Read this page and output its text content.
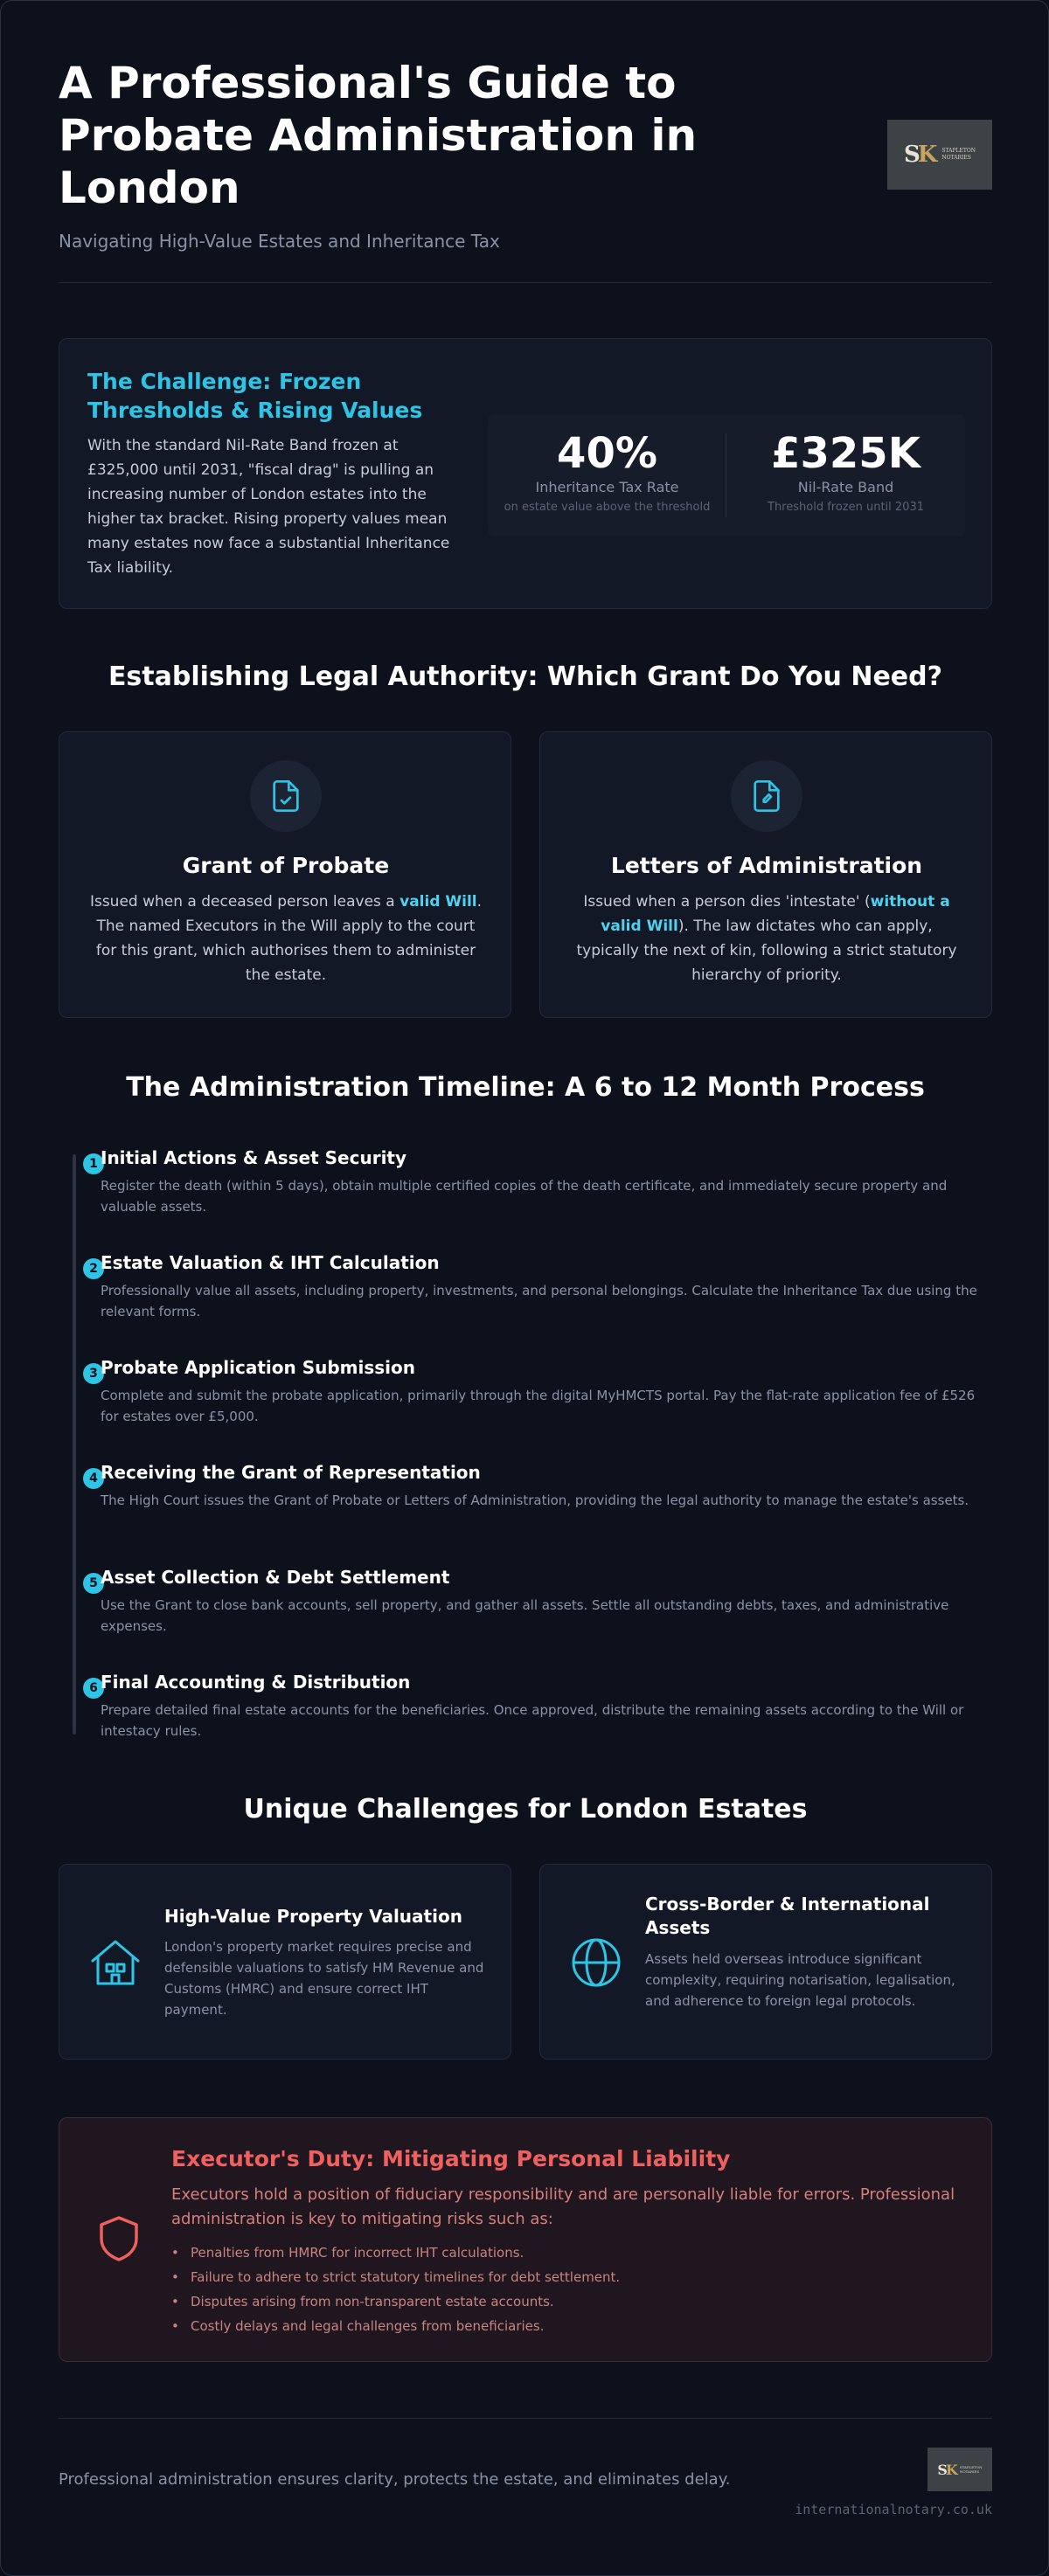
A Professional's Guide to Probate Administration in London
Navigating High-Value Estates and Inheritance Tax
SK STAPLETON
NOTARIES
The Challenge: Frozen Thresholds & Rising Values

With the standard Nil-Rate Band frozen at £325,000 until 2031, "fiscal drag" is pulling an increasing number of London estates into the higher tax bracket. Rising property values mean many estates now face a substantial Inheritance Tax liability.

40%
Inheritance Tax Rate
on estate value above the threshold
£325K
Nil-Rate Band
Threshold frozen until 2031
Establishing Legal Authority: Which Grant Do You Need?
Grant of Probate

Issued when a deceased person leaves a valid Will. The named Executors in the Will apply to the court for this grant, which authorises them to administer the estate.

Letters of Administration

Issued when a person dies 'intestate' (without a valid Will). The law dictates who can apply, typically the next of kin, following a strict statutory hierarchy of priority.

The Administration Timeline: A 6 to 12 Month Process
1 Initial Actions & Asset Security

Register the death (within 5 days), obtain multiple certified copies of the death certificate, and immediately secure property and valuable assets.

2 Estate Valuation & IHT Calculation

Professionally value all assets, including property, investments, and personal belongings. Calculate the Inheritance Tax due using the relevant forms.

3 Probate Application Submission

Complete and submit the probate application, primarily through the digital MyHMCTS portal. Pay the flat-rate application fee of £526 for estates over £5,000.

4 Receiving the Grant of Representation

The High Court issues the Grant of Probate or Letters of Administration, providing the legal authority to manage the estate's assets.

5 Asset Collection & Debt Settlement

Use the Grant to close bank accounts, sell property, and gather all assets. Settle all outstanding debts, taxes, and administrative expenses.

6 Final Accounting & Distribution

Prepare detailed final estate accounts for the beneficiaries. Once approved, distribute the remaining assets according to the Will or intestacy rules.

Unique Challenges for London Estates
High-Value Property Valuation

London's property market requires precise and defensible valuations to satisfy HM Revenue and Customs (HMRC) and ensure correct IHT payment.

Cross-Border & International Assets

Assets held overseas introduce significant complexity, requiring notarisation, legalisation, and adherence to foreign legal protocols.

Executor's Duty: Mitigating Personal Liability

Executors hold a position of fiduciary responsibility and are personally liable for errors. Professional administration is key to mitigating risks such as:

• Penalties from HMRC for incorrect IHT calculations.
• Failure to adhere to strict statutory timelines for debt settlement.
• Disputes arising from non-transparent estate accounts.
• Costly delays and legal challenges from beneficiaries.
Professional administration ensures clarity, protects the estate, and eliminates delay.
SK STAPLETON
NOTARIES
internationalnotary.co.uk
